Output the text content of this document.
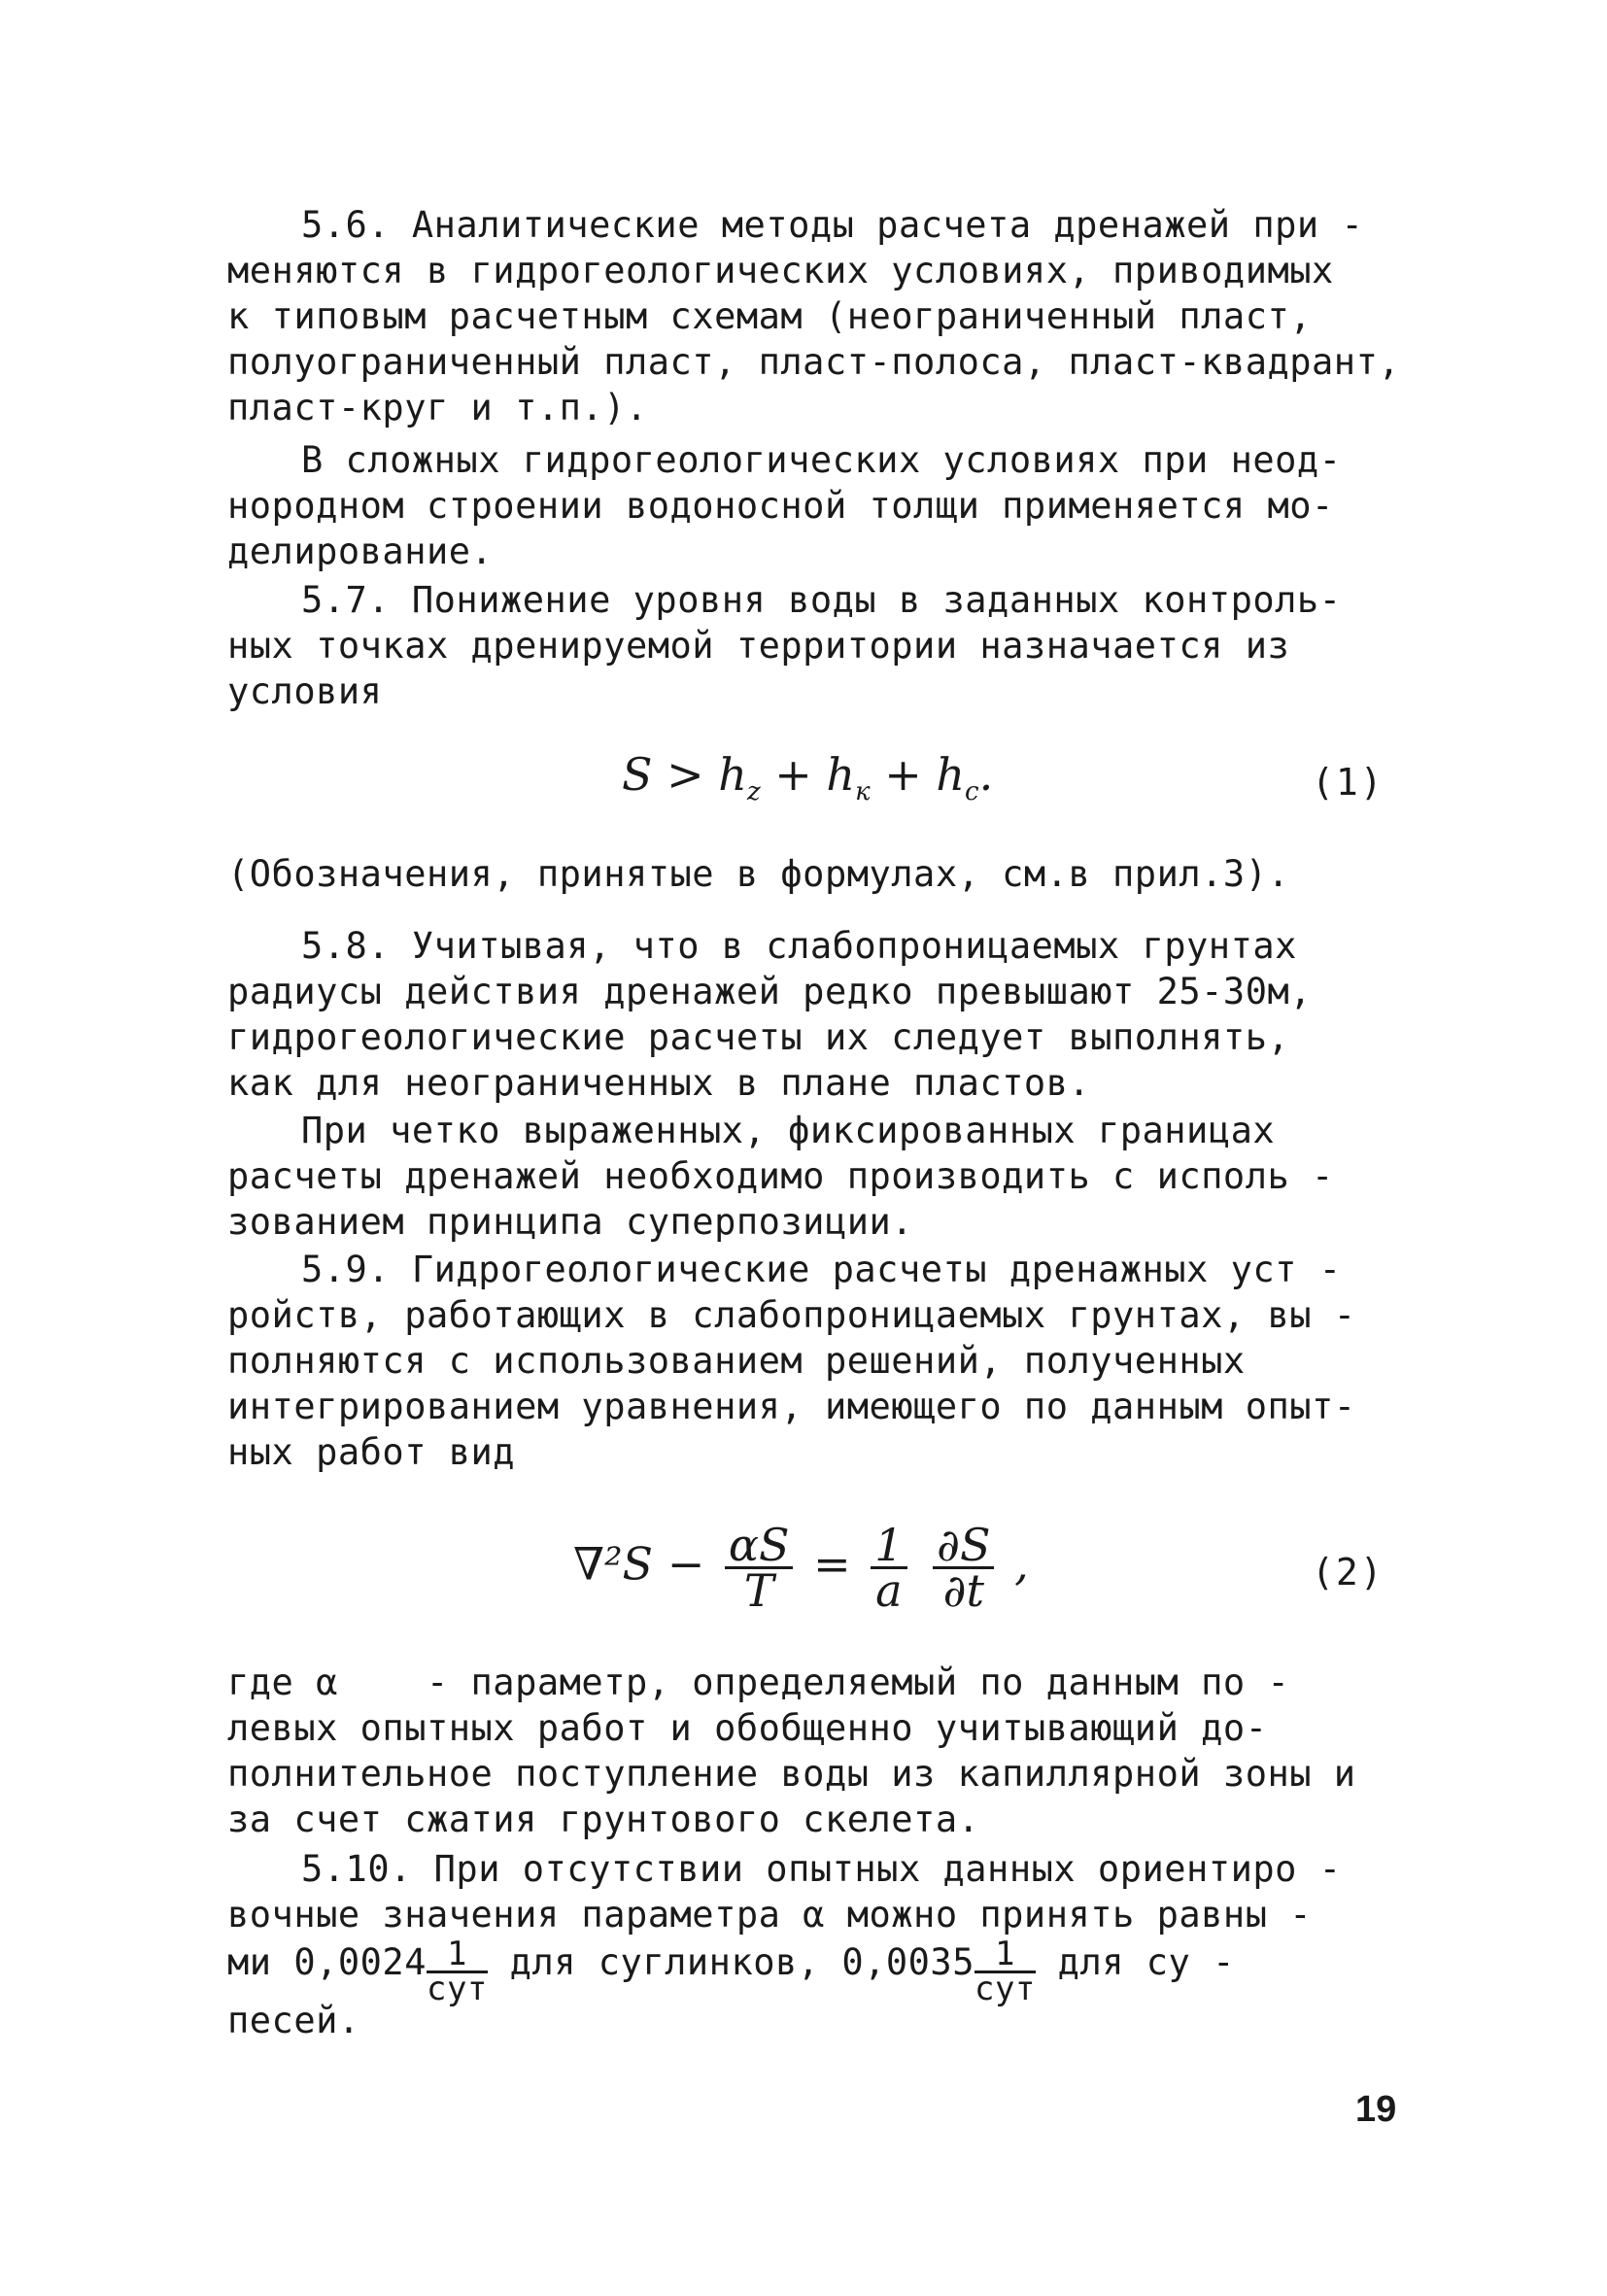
5.6. Аналитические методы расчета дренажей при -
меняются в гидрогеологических условиях, приводимых
к типовым расчетным схемам (неограниченный пласт,
полуограниченный пласт, пласт-полоса, пласт-квадрант,
пласт-круг и т.п.).
В сложных гидрогеологических условиях при неод-
нородном строении водоносной толщи применяется мо-
делирование.
5.7. Понижение уровня воды в заданных контроль-
ных точках дренируемой территории назначается из
условия
$S > h_z + h_к + h_c$.	(1)
(Обозначения, принятые в формулах, см.в прил.3).
5.8. Учитывая, что в слабопроницаемых грунтах
радиусы действия дренажей редко превышают 25-30м,
гидрогеологические расчеты их следует выполнять,
как для неограниченных в плане пластов.
При четко выраженных, фиксированных границах
расчеты дренажей необходимо производить с исполь -
зованием принципа суперпозиции.
5.9. Гидрогеологические расчеты дренажных уст -
ройств, работающих в слабопроницаемых грунтах, вы -
полняются с использованием решений, полученных
интегрированием уравнения, имеющего по данным опыт-
ных работ вид
$\nabla^2S - \frac{\alpha S}{T} = \frac{1}{a}$
$\frac{\partial S}{\partial t}$ ,	(2)
где α    - параметр, определяемый по данным по -
левых опытных работ и обобщенно учитывающий до-
полнительное поступление воды из капиллярной зоны и
за счет сжатия грунтового скелета.
5.10. При отсутствии опытных данных ориентиро -
вочные значения параметра α можно принять равны -
ми $0,0024 \frac{1}{\text{сут}}$ для суглинков, $0,0035 \frac{1}{\text{сут}}$ для су -
песей.
19
